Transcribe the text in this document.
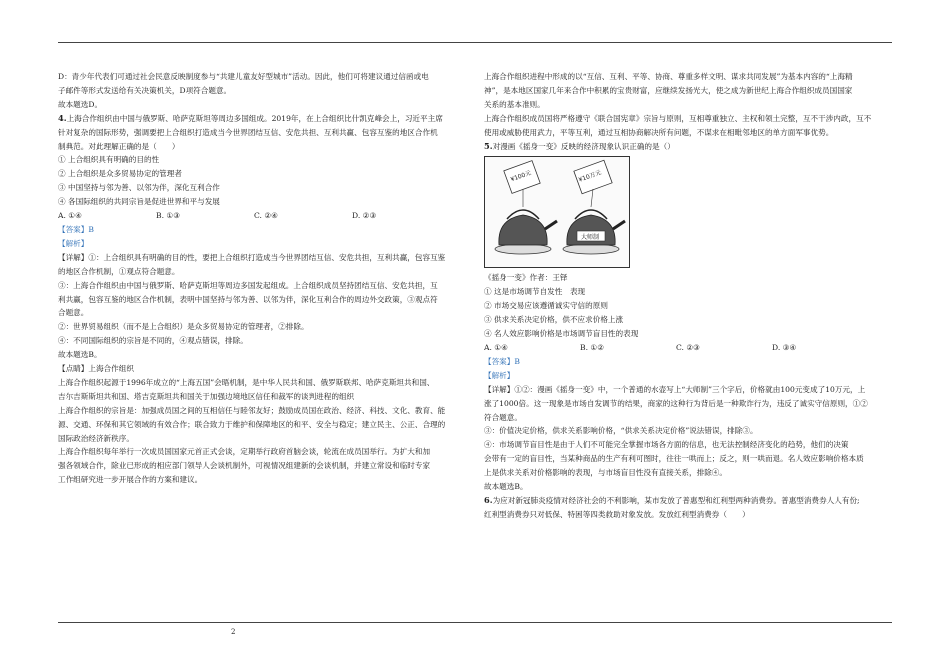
D：青少年代表们可通过社会民意反映制度参与“共建儿童友好型城市”活动。因此，他们可将建议通过信函或电
子邮件等形式发送给有关决策机关，D项符合题意。
故本题选D。
4.上海合作组织由中国与俄罗斯、哈萨克斯坦等周边多国组成。2019年，在上合组织比什凯克峰会上，习近平主席
针对复杂的国际形势，强调要把上合组织打造成当今世界团结互信、安危共担、互利共赢、包容互鉴的地区合作机
制典范。对此理解正确的是（　　）
① 上合组织具有明确的目的性
② 上合组织是众多贸易协定的管理者
③ 中国坚持与邻为善、以邻为伴，深化互利合作
④ 各国际组织的共同宗旨是促进世界和平与发展
A. ①④	B. ①③	C. ②④	D. ②③
【答案】B
【解析】
【详解】①：上合组织具有明确的目的性，要把上合组织打造成当今世界团结互信、安危共担，互利共赢，包容互鉴
的地区合作机制，①观点符合题意。
③：上海合作组织由中国与俄罗斯、哈萨克斯坦等周边多国发起组成。上合组织成员坚持团结互信、安危共担，互
利共赢，包容互鉴的地区合作机制，表明中国坚持与邻为善、以邻为伴，深化互利合作的周边外交政策，③观点符
合题意。
②：世界贸易组织（而不是上合组织）是众多贸易协定的管理者，②排除。
④：不同国际组织的宗旨是不同的，④观点错误，排除。
故本题选B。
【点睛】上海合作组织
上海合作组织起源于1996年成立的“上海五国”会晤机制，是中华人民共和国、俄罗斯联邦、哈萨克斯坦共和国、
吉尔吉斯斯坦共和国、塔吉克斯坦共和国关于加强边境地区信任和裁军的谈判进程的组织
上海合作组织的宗旨是：加强成员国之间的互相信任与睦邻友好；鼓励成员国在政治、经济、科技、文化、教育、能
源、交通、环保和其它领域的有效合作；联合致力于维护和保障地区的和平、安全与稳定；建立民主、公正、合理的
国际政治经济新秩序。
上海合作组织每年举行一次成员国国家元首正式会谈，定期举行政府首脑会谈，轮流在成员国举行。为扩大和加
强各领域合作，除业已形成的相应部门领导人会谈机制外，可视情况组建新的会谈机制，并建立常设和临时专家
工作组研究进一步开展合作的方案和建议。
上海合作组织进程中形成的以“互信、互利、平等、协商、尊重多样文明、谋求共同发展”为基本内容的“上海精
神”，是本地区国家几年来合作中积累的宝贵财富，应继续发扬光大，使之成为新世纪上海合作组织成员国国家
关系的基本准则。
上海合作组织成员国将严格遵守《联合国宪章》宗旨与原则，互相尊重独立、主权和领土完整，互不干涉内政，互不
使用或威胁使用武力，平等互利，通过互相协商解决所有问题，不谋求在相毗邻地区的单方面军事优势。
5.对漫画《摇身一变》反映的经济现象认识正确的是（）
¥100元	¥10万元
大师制
《摇身一变》作者：王铎
① 这是市场调节自发性　表现
② 市场交易应该遵循诚实守信的原则
③ 供求关系决定价格，供不应求价格上涨
④ 名人效应影响价格是市场调节盲目性的表现
A. ①④	B. ①②	C. ②③	D. ③④
【答案】B
【解析】
【详解】①②：漫画《摇身一变》中，一个普通的水壶写上“大师制”三个字后，价格就由100元变成了10万元，上
涨了1000倍。这一现象是市场自发调节的结果，商家的这种行为背后是一种欺诈行为，违反了诚实守信原则，①②
符合题意。
③：价值决定价格，供求关系影响价格，“供求关系决定价格”说法错误，排除③。
④：市场调节盲目性是由于人们不可能完全掌握市场各方面的信息，也无法控制经济变化的趋势，他们的决策
会带有一定的盲目性，当某种商品的生产有利可图时，往往一哄而上；反之，则一哄而退。名人效应影响价格本质
上是供求关系对价格影响的表现，与市场盲目性没有直接关系，排除④。
故本题选B。
6.为应对新冠肺炎疫情对经济社会的不利影响，某市发放了普惠型和红利型两种消费券。普惠型消费券人人有份;
红利型消费券只对低保、特困等四类救助对象发放。发放红利型消费券（　　）
2
